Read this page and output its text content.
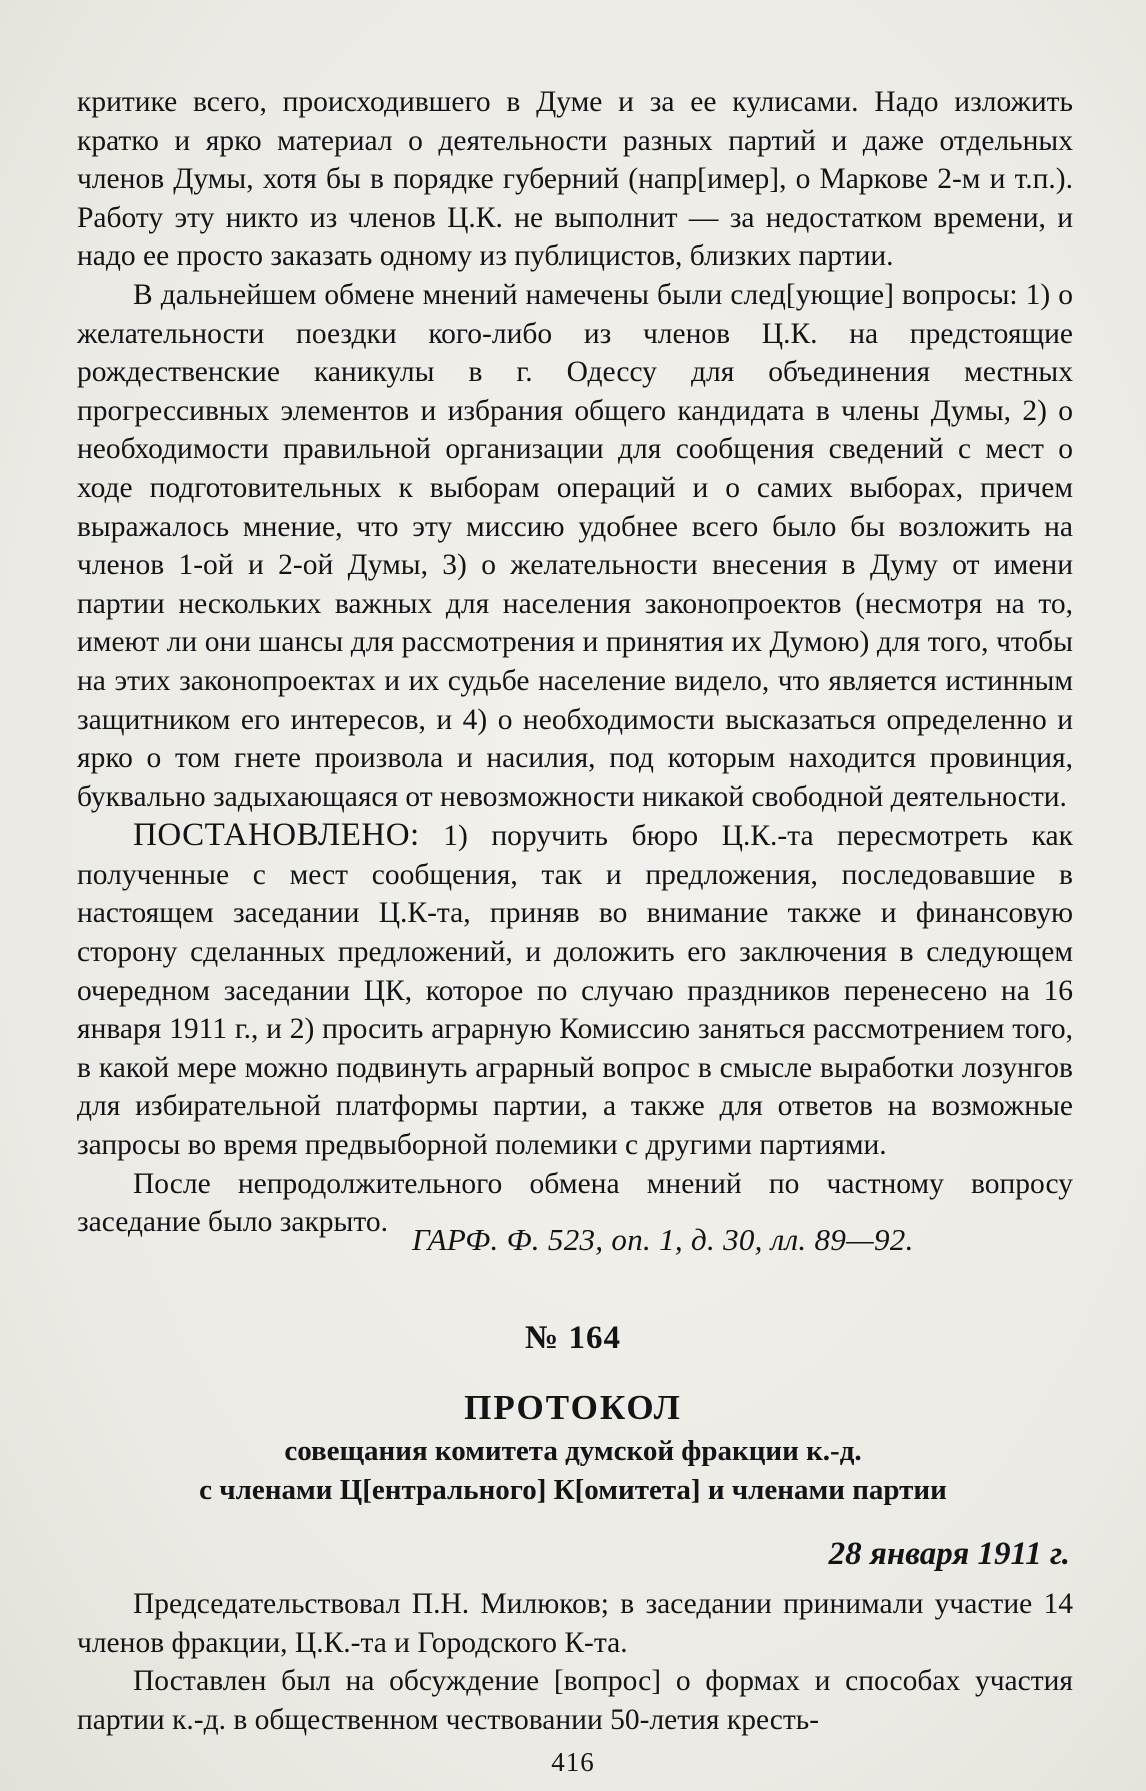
критике всего, происходившего в Думе и за ее кулисами. Надо изложить кратко и ярко материал о деятельности разных партий и даже отдельных членов Думы, хотя бы в порядке губерний (напр[имер], о Маркове 2-м и т.п.). Работу эту никто из членов Ц.К. не выполнит — за недостатком времени, и надо ее просто заказать одному из публицистов, близких партии.

В дальнейшем обмене мнений намечены были след[ующие] вопросы: 1) о желательности поездки кого-либо из членов Ц.К. на предстоящие рождественские каникулы в г. Одессу для объединения местных прогрессивных элементов и избрания общего кандидата в члены Думы, 2) о необходимости правильной организации для сообщения сведений с мест о ходе подготовительных к выборам операций и о самих выборах, причем выражалось мнение, что эту миссию удобнее всего было бы возложить на членов 1-ой и 2-ой Думы, 3) о желательности внесения в Думу от имени партии нескольких важных для населения законопроектов (несмотря на то, имеют ли они шансы для рассмотрения и принятия их Думою) для того, чтобы на этих законопроектах и их судьбе население видело, что является истинным защитником его интересов, и 4) о необходимости высказаться определенно и ярко о том гнете произвола и насилия, под которым находится провинция, буквально задыхающаяся от невозможности никакой свободной деятельности.

ПОСТАНОВЛЕНО: 1) поручить бюро Ц.К.-та пересмотреть как полученные с мест сообщения, так и предложения, последовавшие в настоящем заседании Ц.К-та, приняв во внимание также и финансовую сторону сделанных предложений, и доложить его заключения в следующем очередном заседании ЦК, которое по случаю праздников перенесено на 16 января 1911 г., и 2) просить аграрную Комиссию заняться рассмотрением того, в какой мере можно подвинуть аграрный вопрос в смысле выработки лозунгов для избирательной платформы партии, а также для ответов на возможные запросы во время предвыборной полемики с другими партиями.

После непродолжительного обмена мнений по частному вопросу заседание было закрыто. ГАРФ. Ф. 523, оп. 1, д. 30, лл. 89—92.
№ 164
ПРОТОКОЛ
совещания комитета думской фракции к.-д.
с членами Ц[ентрального] К[омитета] и членами партии
28 января 1911 г.

Председательствовал П.Н. Милюков; в заседании принимали участие 14 членов фракции, Ц.К.-та и Городского К-та.

Поставлен был на обсуждение [вопрос] о формах и способах участия партии к.-д. в общественном чествовании 50-летия кресть-

416
